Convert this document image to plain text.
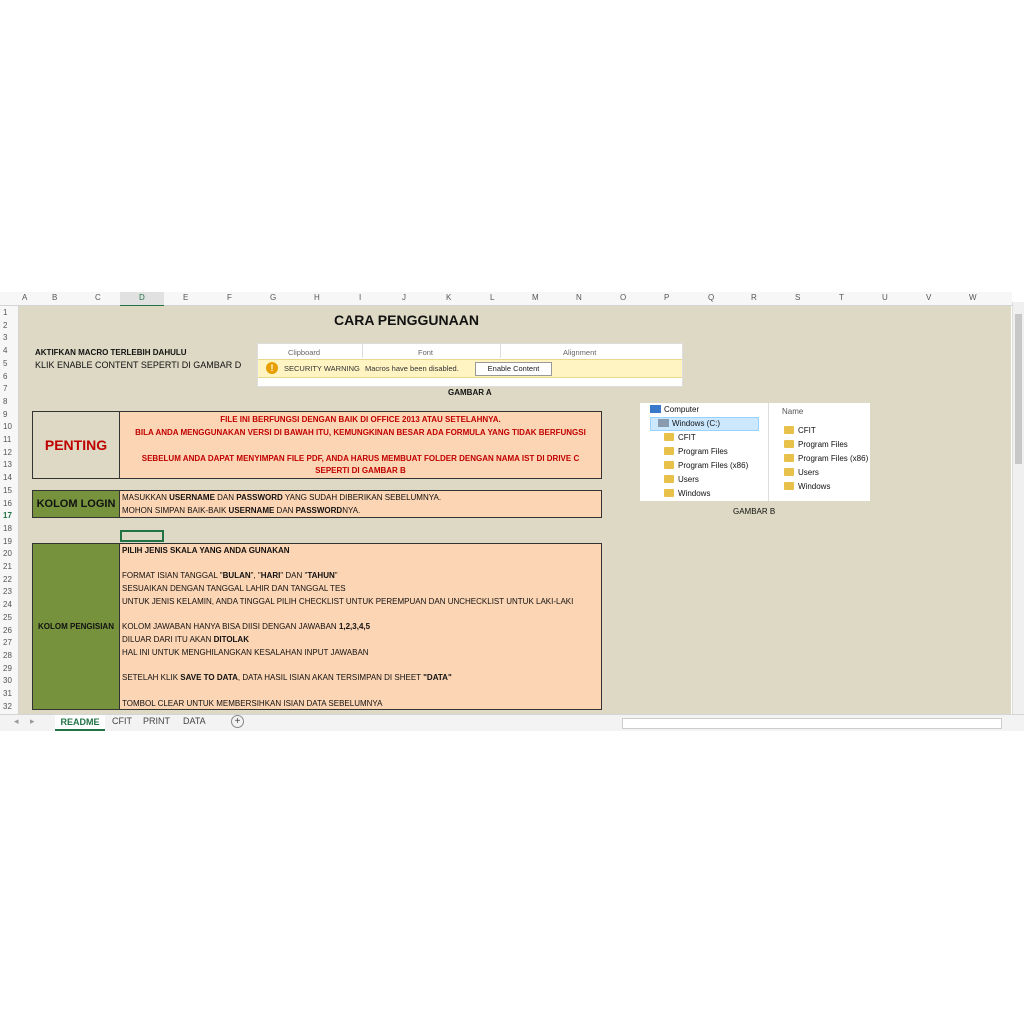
A	B	C	D	E	F	G	H	I	J	K	L	M	N	O	P	Q	R	S	T	U	V	W
1
2
3
4
5
6
7
8
9
10
11
12
13
14
15
16
17
18
19
20
21
22
23
24
25
26
27
28
29
30
31
32
CARA PENGGUNAAN
AKTIFKAN MACRO TERLEBIH DAHULU
KLIK ENABLE CONTENT SEPERTI DI GAMBAR D
Clipboard	Font	Alignment
!	SECURITY WARNING Macros have been disabled.	Enable Content
GAMBAR A
PENTING
FILE INI BERFUNGSI DENGAN BAIK DI OFFICE 2013 ATAU SETELAHNYA.
BILA ANDA MENGGUNAKAN VERSI DI BAWAH ITU, KEMUNGKINAN BESAR ADA FORMULA YANG TIDAK BERFUNGSI
SEBELUM ANDA DAPAT MENYIMPAN FILE PDF, ANDA HARUS MEMBUAT FOLDER DENGAN NAMA IST DI DRIVE C
SEPERTI DI GAMBAR B
KOLOM LOGIN
MASUKKAN USERNAME DAN PASSWORD YANG SUDAH DIBERIKAN SEBELUMNYA.
MOHON SIMPAN BAIK-BAIK USERNAME DAN PASSWORDNYA.
KOLOM PENGISIAN
PILIH JENIS SKALA YANG ANDA GUNAKAN
FORMAT ISIAN TANGGAL "BULAN", "HARI" DAN "TAHUN"
SESUAIKAN DENGAN TANGGAL LAHIR DAN TANGGAL TES
UNTUK JENIS KELAMIN, ANDA TINGGAL PILIH CHECKLIST UNTUK PEREMPUAN DAN UNCHECKLIST UNTUK LAKI-LAKI
KOLOM JAWABAN HANYA BISA DIISI DENGAN JAWABAN 1,2,3,4,5
DILUAR DARI ITU AKAN DITOLAK
HAL INI UNTUK MENGHILANGKAN KESALAHAN INPUT JAWABAN
SETELAH KLIK SAVE TO DATA, DATA HASIL ISIAN AKAN TERSIMPAN DI SHEET "DATA"
TOMBOL CLEAR UNTUK MEMBERSIHKAN ISIAN DATA SEBELUMNYA
Computer
Windows (C:)
CFIT
Program Files
Program Files (x86)
Users
Windows
Name
CFIT
Program Files
Program Files (x86)
Users
Windows
GAMBAR B
◂ ▸	README	CFIT PRINT DATA	+
